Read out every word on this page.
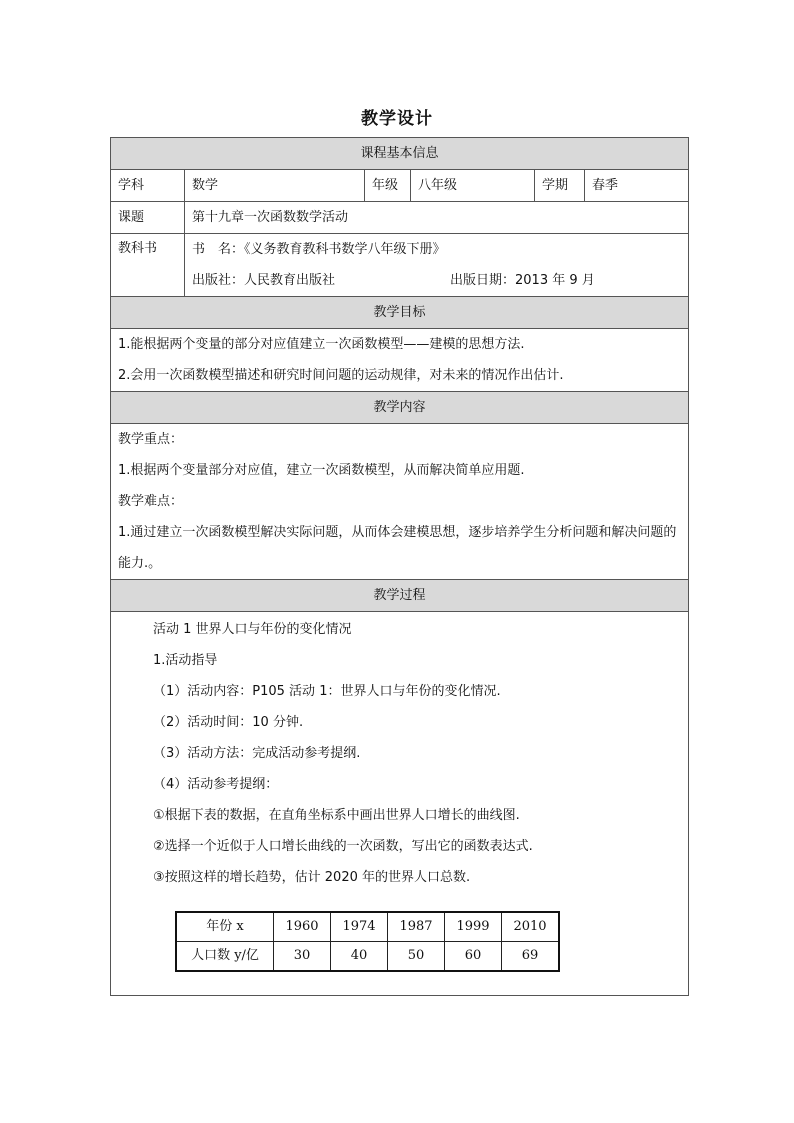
教学设计
课程基本信息
学科	数学	年级	八年级	学期	春季
课题	第十九章一次函数数学活动
教科书	书　名：《义务教育教科书数学八年级下册》
出版社：人民教育出版社	出版日期：2013 年 9 月

教学目标

1.能根据两个变量的部分对应值建立一次函数模型——建模的思想方法.
2.会用一次函数模型描述和研究时间问题的运动规律，对未来的情况作出估计.

教学内容

教学重点：
1.根据两个变量部分对应值，建立一次函数模型，从而解决简单应用题.
教学难点：
1.通过建立一次函数模型解决实际问题，从而体会建模思想，逐步培养学生分析问题和解决问题的能力.。

教学过程

活动 1 世界人口与年份的变化情况
1.活动指导
（1）活动内容：P105 活动 1：世界人口与年份的变化情况.
（2）活动时间：10 分钟.
（3）活动方法：完成活动参考提纲.
（4）活动参考提纲：
①根据下表的数据，在直角坐标系中画出世界人口增长的曲线图.
②选择一个近似于人口增长曲线的一次函数，写出它的函数表达式.
③按照这样的增长趋势，估计 2020 年的世界人口总数.
年份 x	1960	1974	1987	1999	2010
人口数 y/亿	30	40	50	60	69
